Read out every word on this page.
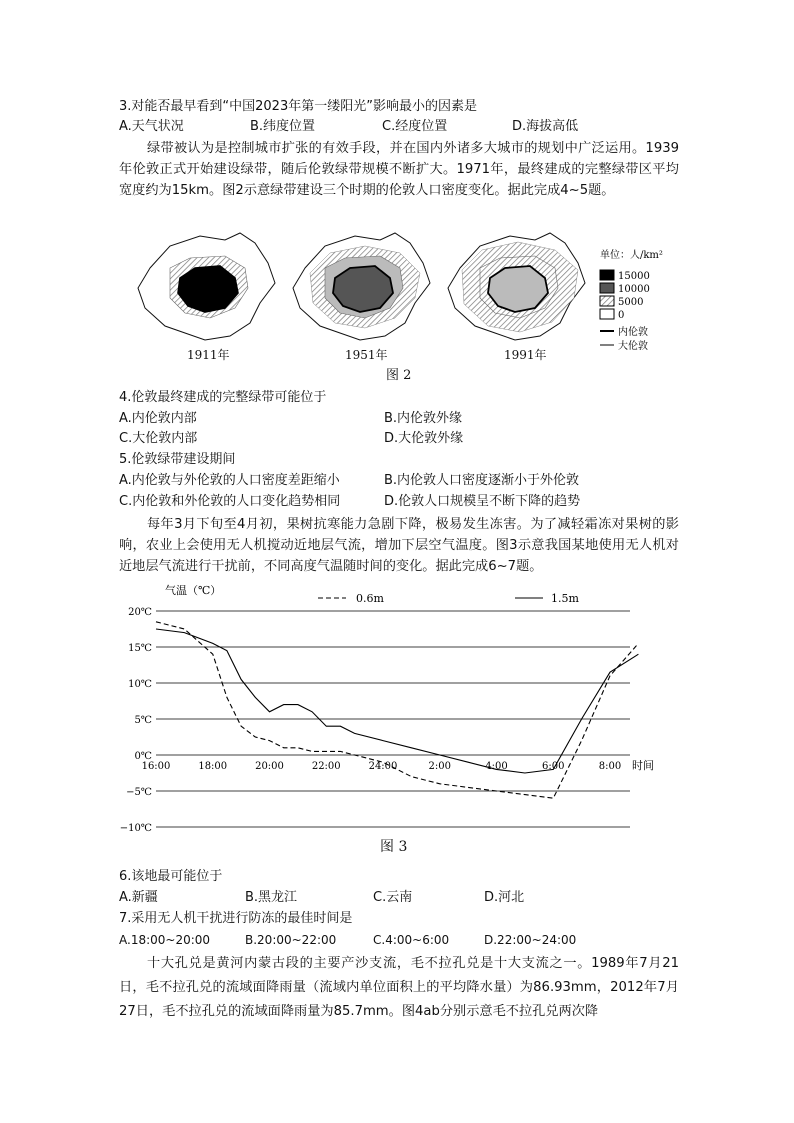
3.对能否最早看到“中国2023年第一缕阳光”影响最小的因素是
A.天气状况	B.纬度位置	C.经度位置	D.海拔高低
绿带被认为是控制城市扩张的有效手段，并在国内外诸多大城市的规划中广泛运用。1939年伦敦正式开始建设绿带，随后伦敦绿带规模不断扩大。1971年，最终建成的完整绿带区平均宽度约为15km。图2示意绿带建设三个时期的伦敦人口密度变化。据此完成4~5题。
单位：人/km²
15000
10000
5000
0
内伦敦
大伦敦
1911年	1951年	1991年
图 2
4.伦敦最终建成的完整绿带可能位于
A.内伦敦内部	B.内伦敦外缘
C.大伦敦内部	D.大伦敦外缘
5.伦敦绿带建设期间
A.内伦敦与外伦敦的人口密度差距缩小	B.内伦敦人口密度逐渐小于外伦敦
C.内伦敦和外伦敦的人口变化趋势相同	D.伦敦人口规模呈不断下降的趋势
每年3月下旬至4月初，果树抗寒能力急剧下降，极易发生冻害。为了减轻霜冻对果树的影响，农业上会使用无人机搅动近地层气流，增加下层空气温度。图3示意我国某地使用无人机对近地层气流进行干扰前，不同高度气温随时间的变化。据此完成6~7题。
气温（℃）
0.6m	1.5m
20℃
15℃
10℃
5℃
0℃
−5℃
−10℃
16:00	18:00	20:00	22:00	24:00	2:00	4:00	6:00	8:00 时间
图 3
6.该地最可能位于
A.新疆	B.黑龙江	C.云南	D.河北
7.采用无人机干扰进行防冻的最佳时间是
A.18:00~20:00	B.20:00~22:00	C.4:00~6:00	D.22:00~24:00
十大孔兑是黄河内蒙古段的主要产沙支流，毛不拉孔兑是十大支流之一。1989年7月21日，毛不拉孔兑的流域面降雨量（流域内单位面积上的平均降水量）为86.93mm，2012年7月27日，毛不拉孔兑的流域面降雨量为85.7mm。图4ab分别示意毛不拉孔兑两次降
